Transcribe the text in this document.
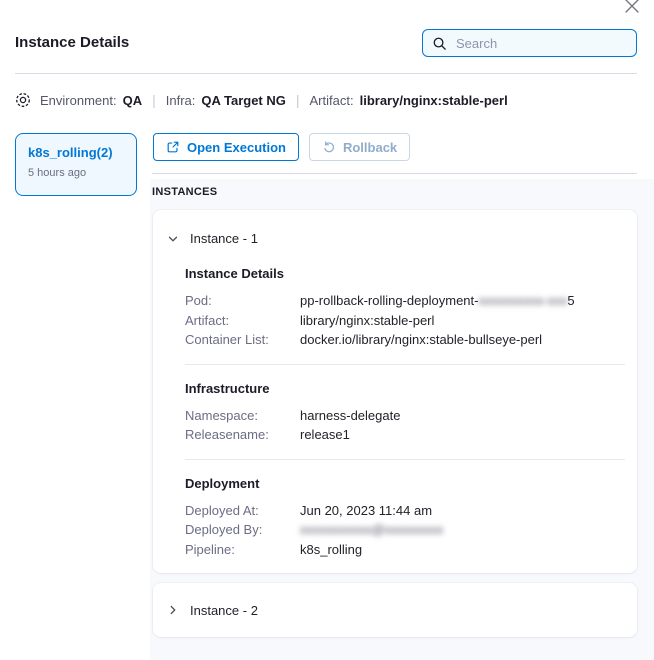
Instance Details
Search
Environment: QA | Infra: QA Target NG | Artifact: library/nginx:stable-perl
k8s_rolling(2)
5 hours ago
Open Execution	Rollback
INSTANCES
Instance - 1
Instance Details
Pod:	pp-rollback-rolling-deployment-xxxxxxxxxx-xxx5
Artifact:	library/nginx:stable-perl
Container List:	docker.io/library/nginx:stable-bullseye-perl
Infrastructure
Namespace:	harness-delegate
Releasename:	release1
Deployment
Deployed At:	Jun 20, 2023 11:44 am
Deployed By:	xxxxxxxxxxx@xxxxxxxxx
Pipeline:	k8s_rolling
Instance - 2
